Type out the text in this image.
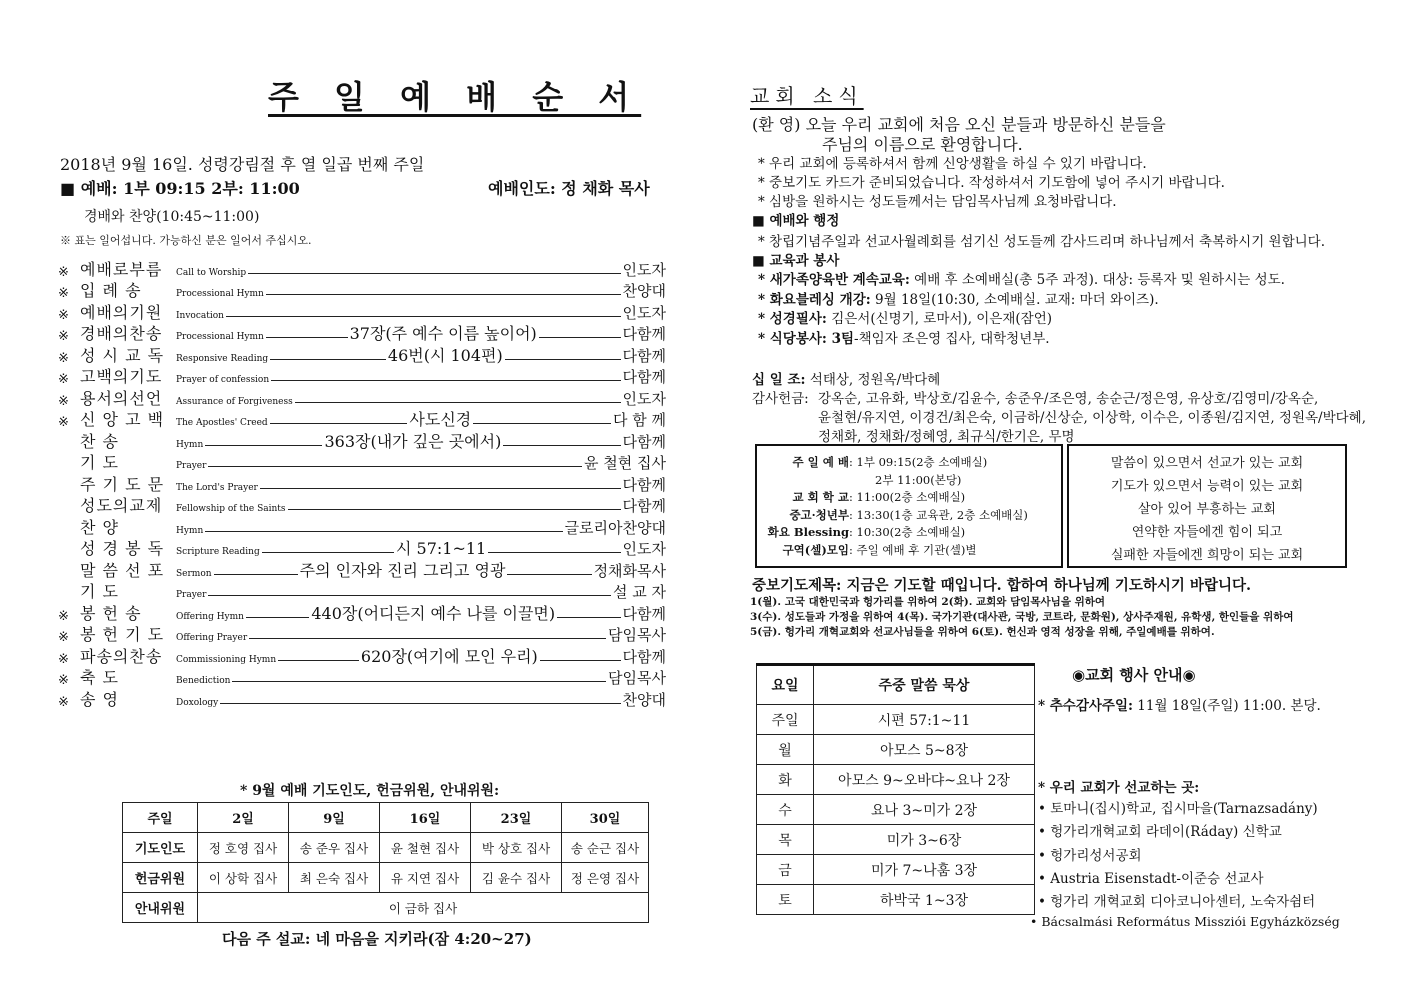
주 일 예 배 순 서
2018년 9월 16일. 성령강림절 후 열 일곱 번째 주일
■ 예배: 1부 09:15 2부: 11:00	예배인도: 정 채화 목사
경배와 찬양(10:45~11:00)
※ 표는 일어섭니다. 가능하신 분은 일어서 주십시오.
※ 예배로부름	Call to Worship	인도자
※ 입 례 송	Processional Hymn	찬양대
※ 예배의기원	Invocation	인도자
※ 경배의찬송	Processional Hymn	37장(주 예수 이름 높이어)	다함께
※ 성 시 교 독	Responsive Reading	46번(시 104편)	다함께
※ 고백의기도	Prayer of confession	다함께
※ 용서의선언	Assurance of Forgiveness	인도자
※ 신 앙 고 백	The Apostles' Creed	사도신경	다 함 께
찬 송	Hymn	363장(내가 깊은 곳에서)	다함께
기 도	Prayer	윤 철현 집사
주 기 도 문	The Lord's Prayer	다함께
성도의교제	Fellowship of the Saints	다함께
찬 양	Hymn	글로리아찬양대
성 경 봉 독	Scripture Reading	시 57:1~11	인도자
말 씀 선 포	Sermon	주의 인자와 진리 그리고 영광	정채화목사
기 도	Prayer	설 교 자
※ 봉 헌 송	Offering Hymn	440장(어디든지 예수 나를 이끌면)	다함께
※ 봉 헌 기 도	Offering Prayer	담임목사
※ 파송의찬송	Commissioning Hymn	620장(여기에 모인 우리)	다함께
※ 축 도	Benediction	담임목사
※ 송 영	Doxology	찬양대
* 9월 예배 기도인도, 헌금위원, 안내위원:
주일	2일	9일	16일	23일	30일
기도인도	정 호영 집사	송 준우 집사	윤 철현 집사	박 상호 집사	송 순근 집사
헌금위원	이 상학 집사	최 은숙 집사	유 지연 집사	김 윤수 집사	정 은영 집사
안내위원	이 금하 집사				
다음 주 설교: 네 마음을 지키라(잠 4:20~27)
교회 소식
(환 영) 오늘 우리 교회에 처음 오신 분들과 방문하신 분들을
주님의 이름으로 환영합니다.
* 우리 교회에 등록하셔서 함께 신앙생활을 하실 수 있기 바랍니다.
* 중보기도 카드가 준비되었습니다. 작성하셔서 기도함에 넣어 주시기 바랍니다.
* 심방을 원하시는 성도들께서는 담임목사님께 요청바랍니다.
■ 예배와 행정
* 창립기념주일과 선교사월례회를 섬기신 성도들께 감사드리며 하나님께서 축복하시기 원합니다.
■ 교육과 봉사
* 새가족양육반 계속교육: 예배 후 소예배실(총 5주 과정). 대상: 등록자 및 원하시는 성도.
* 화요블레싱 개강: 9월 18일(10:30, 소예배실. 교재: 마더 와이즈).
* 성경필사: 김은서(신명기, 로마서), 이은재(잠언)
* 식당봉사: 3팀-책임자 조은영 집사, 대학청년부.
십 일 조: 석태상, 정원옥/박다혜
감사헌금: 강옥순, 고유화, 박상호/김윤수, 송준우/조은영, 송순근/정은영, 유상호/김영미/강옥순,
윤철현/유지연, 이경건/최은숙, 이금하/신상순, 이상학, 이수은, 이종원/김지연, 정원옥/박다혜,
정채화, 정채화/정혜영, 최규식/한기은, 무명
주 일 예 배: 1부 09:15(2층 소예배실)
2부 11:00(본당)
교 회 학 교: 11:00(2층 소예배실)
중고·청년부: 13:30(1층 교육관, 2층 소예배실)
화요 Blessing: 10:30(2층 소예배실)
구역(셀)모임: 주일 예배 후 기관(셀)별
말씀이 있으면서 선교가 있는 교회
기도가 있으면서 능력이 있는 교회
살아 있어 부흥하는 교회
연약한 자들에겐 힘이 되고
실패한 자들에겐 희망이 되는 교회
중보기도제목: 지금은 기도할 때입니다. 합하여 하나님께 기도하시기 바랍니다.
1(월). 고국 대한민국과 헝가리를 위하여 2(화). 교회와 담임목사님을 위하여
3(수). 성도들과 가정을 위하여 4(목). 국가기관(대사관, 국방, 코트라, 문화원), 상사주재원, 유학생, 한인들을 위하여
5(금). 헝가리 개혁교회와 선교사님들을 위하여 6(토). 헌신과 영적 성장을 위해, 주일예배를 위하여.
요일	주중 말씀 묵상
주일	시편 57:1~11
월	아모스 5~8장
화	아모스 9~오바댜~요나 2장
수	요나 3~미가 2장
목	미가 3~6장
금	미가 7~나훔 3장
토	하박국 1~3장
◉교회 행사 안내◉
* 추수감사주일: 11월 18일(주일) 11:00. 본당.
* 우리 교회가 선교하는 곳:
• 토마니(집시)학교, 집시마을(Tarnazsadány)
• 헝가리개혁교회 라데이(Ráday) 신학교
• 헝가리성서공회
• Austria Eisenstadt-이준승 선교사
• 헝가리 개혁교회 디아코니아센터, 노숙자쉼터
• Bácsalmási Református Missziói Egyházközség
